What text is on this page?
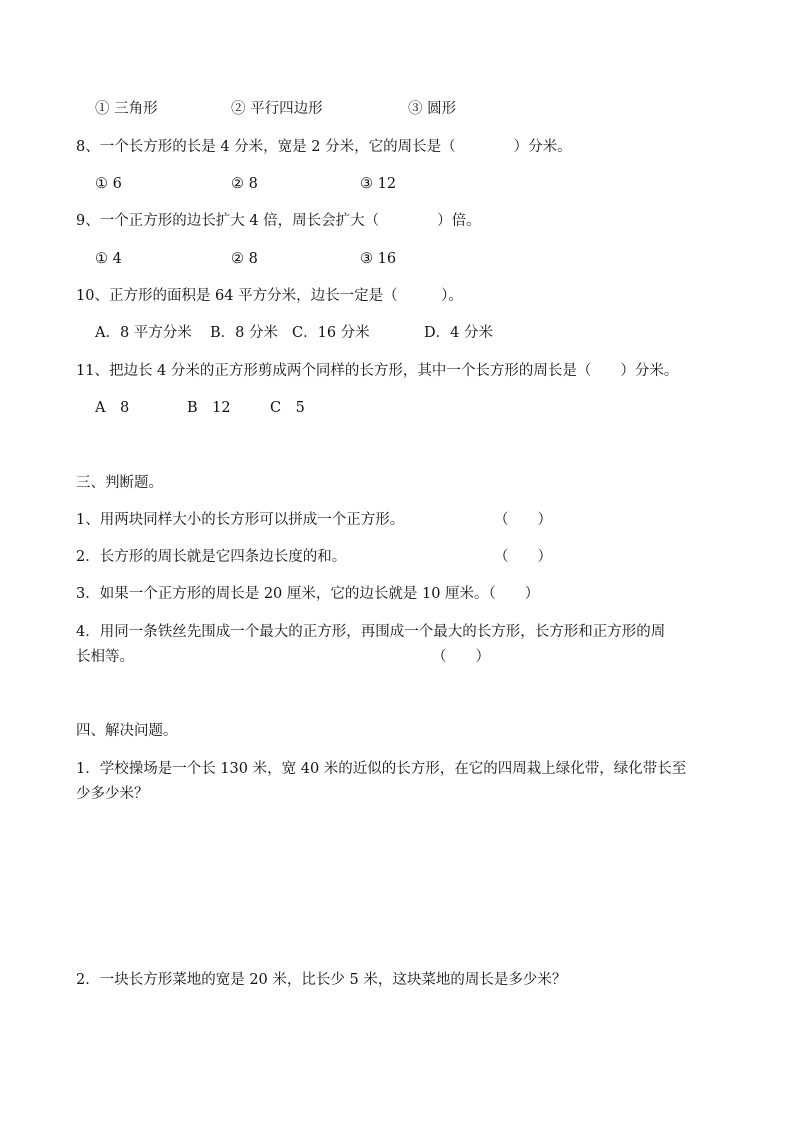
① 三角形	② 平行四边形	③ 圆形
8、一个长方形的长是 4 分米，宽是 2 分米，它的周长是（　　　　）分米。
① 6	② 8	③ 12
9、一个正方形的边长扩大 4 倍，周长会扩大（　　　　）倍。
① 4	② 8	③ 16
10、正方形的面积是 64 平方分米，边长一定是（　　　）。
A．8 平方分米 B．8 分米 C．16 分米	D．4 分米
11、把边长 4 分米的正方形剪成两个同样的长方形，其中一个长方形的周长是（　　）分米。
A　8	B　12	C　5
三、判断题。
1、用两块同样大小的长方形可以拼成一个正方形。	（　　）
2．长方形的周长就是它四条边长度的和。	（　　）
3．如果一个正方形的周长是 20 厘米，它的边长就是 10 厘米。（　　）
4．用同一条铁丝先围成一个最大的正方形，再围成一个最大的长方形，长方形和正方形的周
长相等。	（　　）
四、解决问题。
1．学校操场是一个长 130 米，宽 40 米的近似的长方形，在它的四周栽上绿化带，绿化带长至
少多少米？
2．一块长方形菜地的宽是 20 米，比长少 5 米，这块菜地的周长是多少米？
